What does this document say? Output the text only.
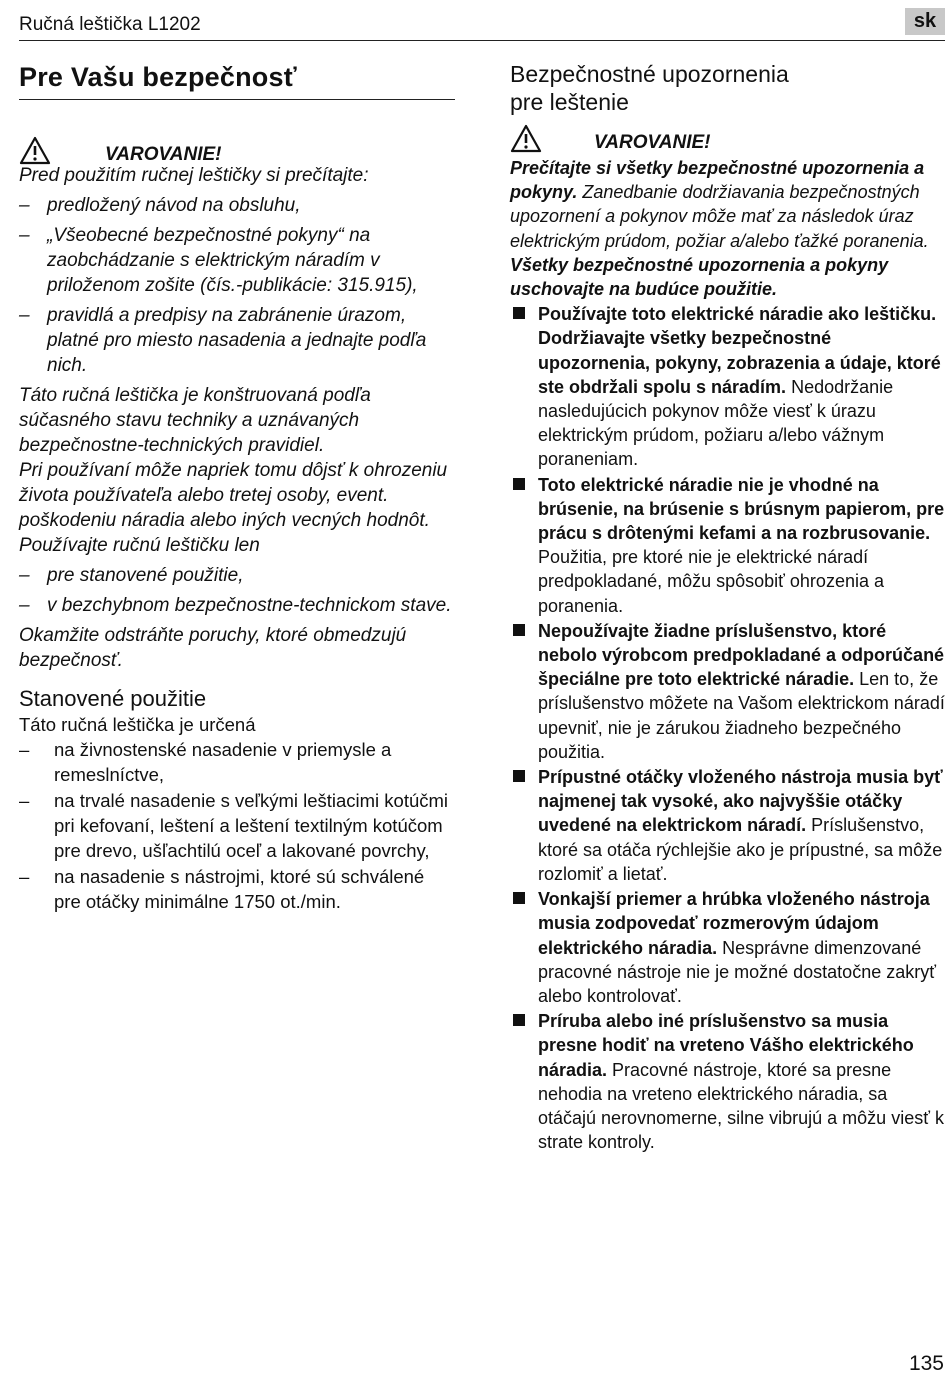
Ručná leštička L1202	sk
Pre Vašu bezpečnosť
VAROVANIE!

Pred použitím ručnej leštičky si prečítajte:

– predložený návod na obsluhu,
– „Všeobecné bezpečnostné pokyny“ na zaobchádzanie s elektrickým náradím v priloženom zošite (čís.-publikácie: 315.915),
– pravidlá a predpisy na zabránenie úrazom, platné pro miesto nasadenia a jednajte podľa nich.

Táto ručná leštička je konštruovaná podľa súčasného stavu techniky a uznávaných bezpečnostne-technických pravidiel.

Pri používaní môže napriek tomu dôjsť k ohrozeniu života používateľa alebo tretej osoby, event. poškodeniu náradia alebo iných vecných hodnôt. Používajte ručnú leštičku len

– pre stanovené použitie,
– v bezchybnom bezpečnostne-technickom stave.

Okamžite odstráňte poruchy, ktoré obmedzujú bezpečnosť.

Stanovené použitie

Táto ručná leštička je určená

– na živnostenské nasadenie v priemysle a remeslníctve,
– na trvalé nasadenie s veľkými leštiacimi kotúčmi pri kefovaní, leštení a leštení textilným kotúčom pre drevo, ušľachtilú oceľ a lakované povrchy,
– na nasadenie s nástrojmi, ktoré sú schválené pre otáčky minimálne 1750 ot./min.
Bezpečnostné upozornenia
pre leštenie
VAROVANIE!

Prečítajte si všetky bezpečnostné upozornenia a pokyny. Zanedbanie dodržiavania bezpečnostných upozornení a pokynov môže mať za následok úraz elektrickým prúdom, požiar a/alebo ťažké poranenia.

Všetky bezpečnostné upozornenia a pokyny uschovajte na budúce použitie.

Používajte toto elektrické náradie ako leštičku. Dodržiavajte všetky bezpečnostné upozornenia, pokyny, zobrazenia a údaje, ktoré ste obdržali spolu s náradím. Nedodržanie nasledujúcich pokynov môže viesť k úrazu elektrickým prúdom, požiaru a/lebo vážnym poraneniam.
Toto elektrické náradie nie je vhodné na brúsenie, na brúsenie s brúsnym papierom, pre prácu s drôtenými kefami a na rozbrusovanie. Použitia, pre ktoré nie je elektrické náradí predpokladané, môžu spôsobiť ohrozenia a poranenia.
Nepoužívajte žiadne príslušenstvo, ktoré nebolo výrobcom predpokladané a odporúčané špeciálne pre toto elektrické náradie. Len to, že príslušenstvo môžete na Vašom elektrickom náradí upevniť, nie je zárukou žiadneho bezpečného použitia.
Prípustné otáčky vloženého nástroja musia byť najmenej tak vysoké, ako najvyššie otáčky uvedené na elektrickom náradí. Príslušenstvo, ktoré sa otáča rýchlejšie ako je prípustné, sa môže rozlomiť a lietať.
Vonkajší priemer a hrúbka vloženého nástroja musia zodpovedať rozmerovým údajom elektrického náradia. Nesprávne dimenzované pracovné nástroje nie je možné dostatočne zakryť alebo kontrolovať.
Príruba alebo iné príslušenstvo sa musia presne hodiť na vreteno Vášho elektrického náradia. Pracovné nástroje, ktoré sa presne nehodia na vreteno elektrického náradia, sa otáčajú nerovnomerne, silne vibrujú a môžu viesť k strate kontroly.
135
